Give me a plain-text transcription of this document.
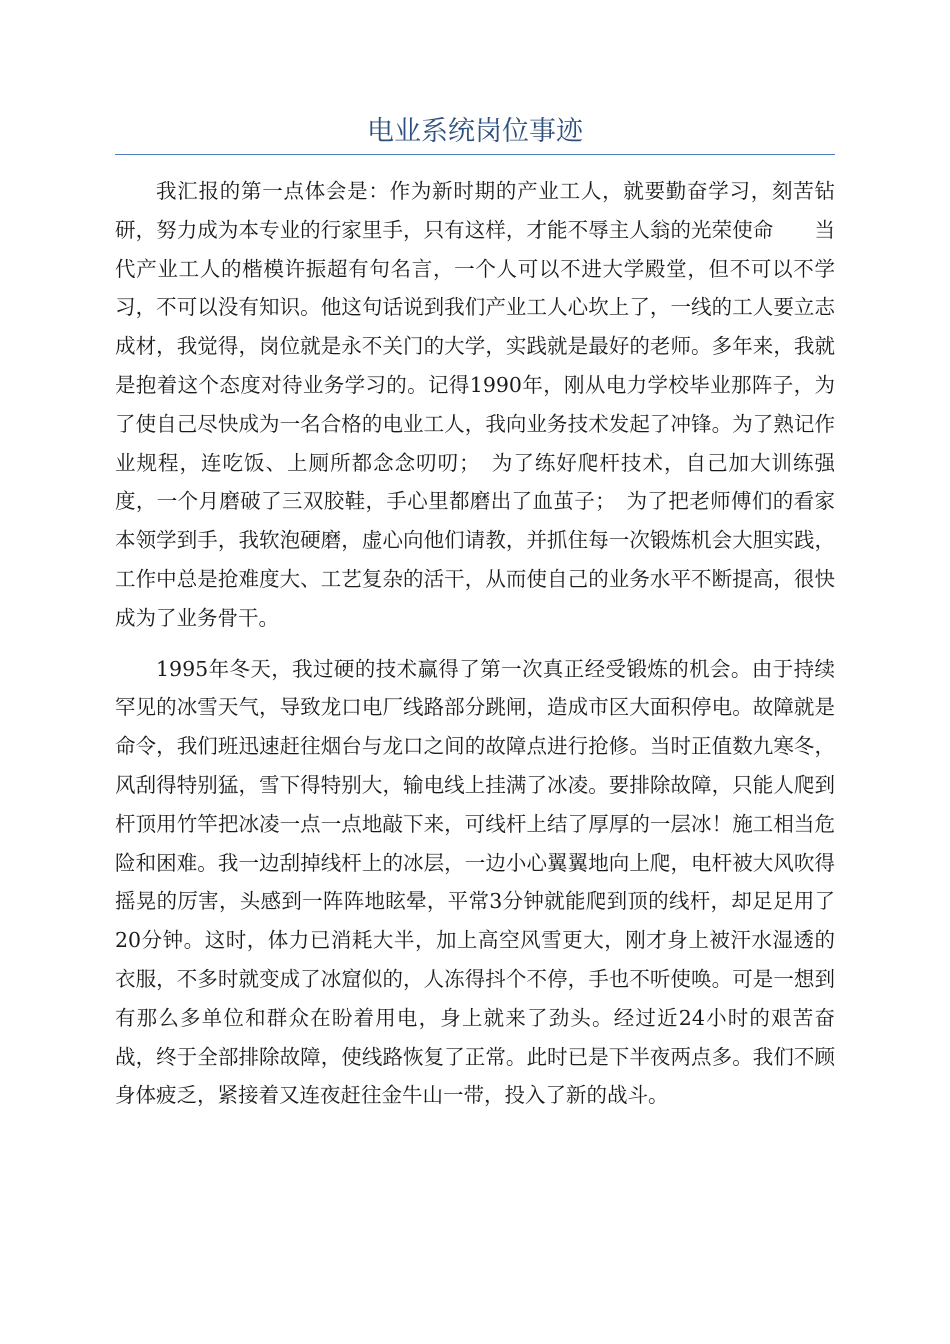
电业系统岗位事迹

我汇报的第一点体会是：作为新时期的产业工人，就要勤奋学习，刻苦钻研，努力成为本专业的行家里手，只有这样，才能不辱主人翁的光荣使命　　当代产业工人的楷模许振超有句名言，一个人可以不进大学殿堂，但不可以不学习，不可以没有知识。他这句话说到我们产业工人心坎上了，一线的工人要立志成材，我觉得，岗位就是永不关门的大学，实践就是最好的老师。多年来，我就是抱着这个态度对待业务学习的。记得1990年，刚从电力学校毕业那阵子，为了使自己尽快成为一名合格的电业工人，我向业务技术发起了冲锋。为了熟记作业规程，连吃饭、上厕所都念念叨叨；　为了练好爬杆技术，自己加大训练强度，一个月磨破了三双胶鞋，手心里都磨出了血茧子；　为了把老师傅们的看家本领学到手，我软泡硬磨，虚心向他们请教，并抓住每一次锻炼机会大胆实践，工作中总是抢难度大、工艺复杂的活干，从而使自己的业务水平不断提高，很快成为了业务骨干。

1995年冬天，我过硬的技术赢得了第一次真正经受锻炼的机会。由于持续罕见的冰雪天气，导致龙口电厂线路部分跳闸，造成市区大面积停电。故障就是命令，我们班迅速赶往烟台与龙口之间的故障点进行抢修。当时正值数九寒冬，风刮得特别猛，雪下得特别大，输电线上挂满了冰凌。要排除故障，只能人爬到杆顶用竹竿把冰凌一点一点地敲下来，可线杆上结了厚厚的一层冰！施工相当危险和困难。我一边刮掉线杆上的冰层，一边小心翼翼地向上爬，电杆被大风吹得摇晃的厉害，头感到一阵阵地眩晕，平常3分钟就能爬到顶的线杆，却足足用了20分钟。这时，体力已消耗大半，加上高空风雪更大，刚才身上被汗水湿透的衣服，不多时就变成了冰窟似的，人冻得抖个不停，手也不听使唤。可是一想到有那么多单位和群众在盼着用电，身上就来了劲头。经过近24小时的艰苦奋战，终于全部排除故障，使线路恢复了正常。此时已是下半夜两点多。我们不顾身体疲乏，紧接着又连夜赶往金牛山一带，投入了新的战斗。
